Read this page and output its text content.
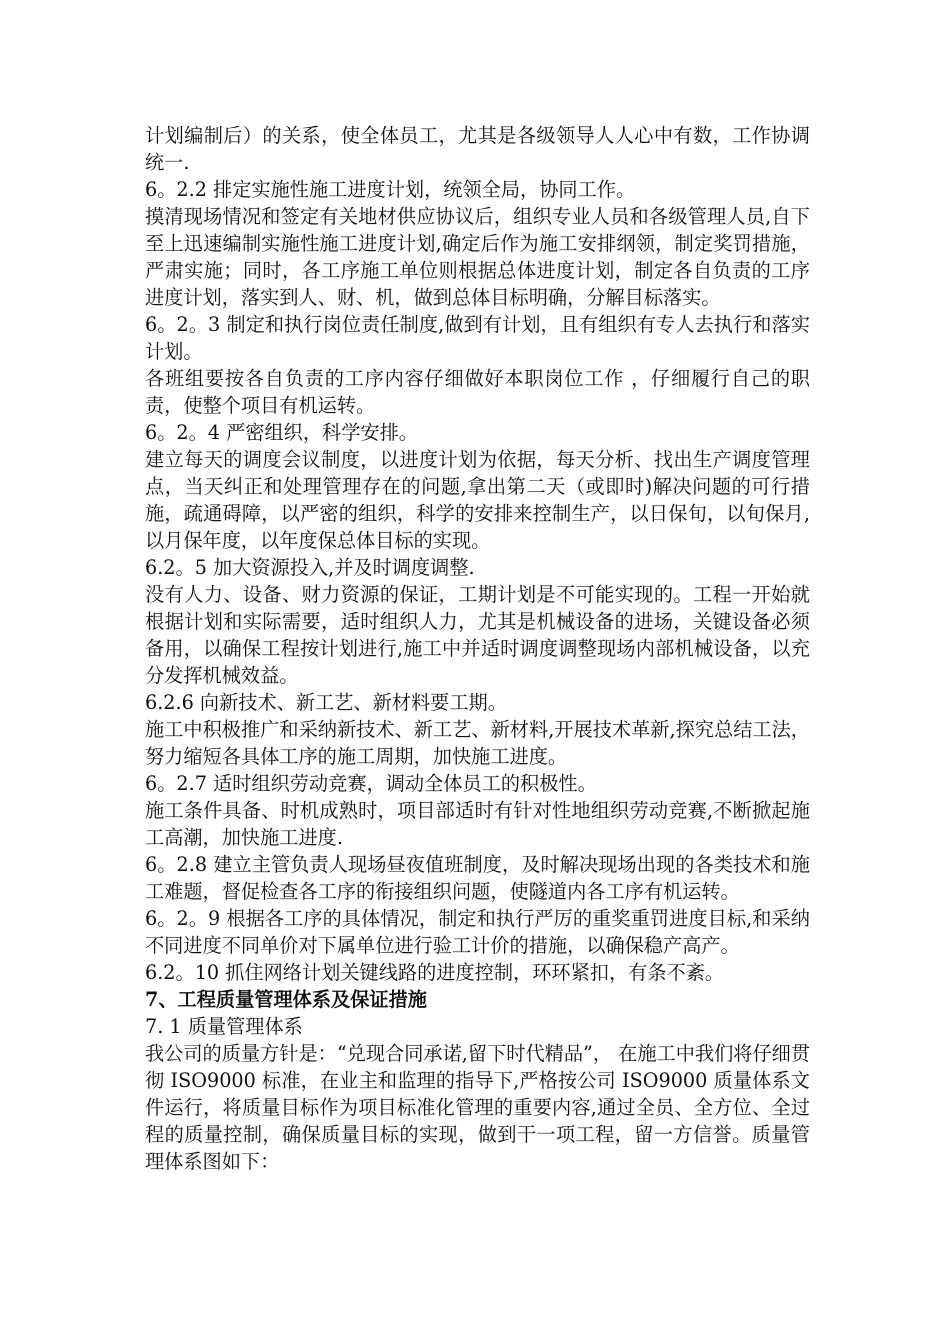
计划编制后）的关系，使全体员工，尤其是各级领导人人心中有数，工作协调统一.

6。2.2 排定实施性施工进度计划，统领全局，协同工作。

摸清现场情况和签定有关地材供应协议后，组织专业人员和各级管理人员,自下至上迅速编制实施性施工进度计划,确定后作为施工安排纲领，制定奖罚措施，严肃实施；同时，各工序施工单位则根据总体进度计划，制定各自负责的工序进度计划，落实到人、财、机，做到总体目标明确，分解目标落实。

6。2。3 制定和执行岗位责任制度,做到有计划，且有组织有专人去执行和落实计划。

各班组要按各自负责的工序内容仔细做好本职岗位工作 ，仔细履行自己的职责，使整个项目有机运转。

6。2。4 严密组织，科学安排。

建立每天的调度会议制度，以进度计划为依据，每天分析、找出生产调度管理点，当天纠正和处理管理存在的问题,拿出第二天（或即时)解决问题的可行措施，疏通碍障，以严密的组织，科学的安排来控制生产，以日保旬，以旬保月,以月保年度，以年度保总体目标的实现。

6.2。5 加大资源投入,并及时调度调整.

没有人力、设备、财力资源的保证，工期计划是不可能实现的。工程一开始就根据计划和实际需要，适时组织人力，尤其是机械设备的进场，关键设备必须备用，以确保工程按计划进行,施工中并适时调度调整现场内部机械设备，以充分发挥机械效益。

6.2.6 向新技术、新工艺、新材料要工期。

施工中积极推广和采纳新技术、新工艺、新材料,开展技术革新,探究总结工法，努力缩短各具体工序的施工周期，加快施工进度。

6。2.7 适时组织劳动竞赛，调动全体员工的积极性。

施工条件具备、时机成熟时，项目部适时有针对性地组织劳动竞赛,不断掀起施工高潮，加快施工进度.

6。2.8 建立主管负责人现场昼夜值班制度，及时解决现场出现的各类技术和施工难题，督促检查各工序的衔接组织问题，使隧道内各工序有机运转。

6。2。9 根据各工序的具体情况，制定和执行严厉的重奖重罚进度目标,和采纳不同进度不同单价对下属单位进行验工计价的措施，以确保稳产高产。

6.2。10 抓住网络计划关键线路的进度控制，环环紧扣，有条不紊。

7、工程质量管理体系及保证措施

7. 1 质量管理体系

我公司的质量方针是：“兑现合同承诺,留下时代精品”， 在施工中我们将仔细贯彻 ISO9000 标准，在业主和监理的指导下,严格按公司 ISO9000 质量体系文件运行，将质量目标作为项目标准化管理的重要内容,通过全员、全方位、全过程的质量控制，确保质量目标的实现，做到干一项工程，留一方信誉。质量管理体系图如下：
